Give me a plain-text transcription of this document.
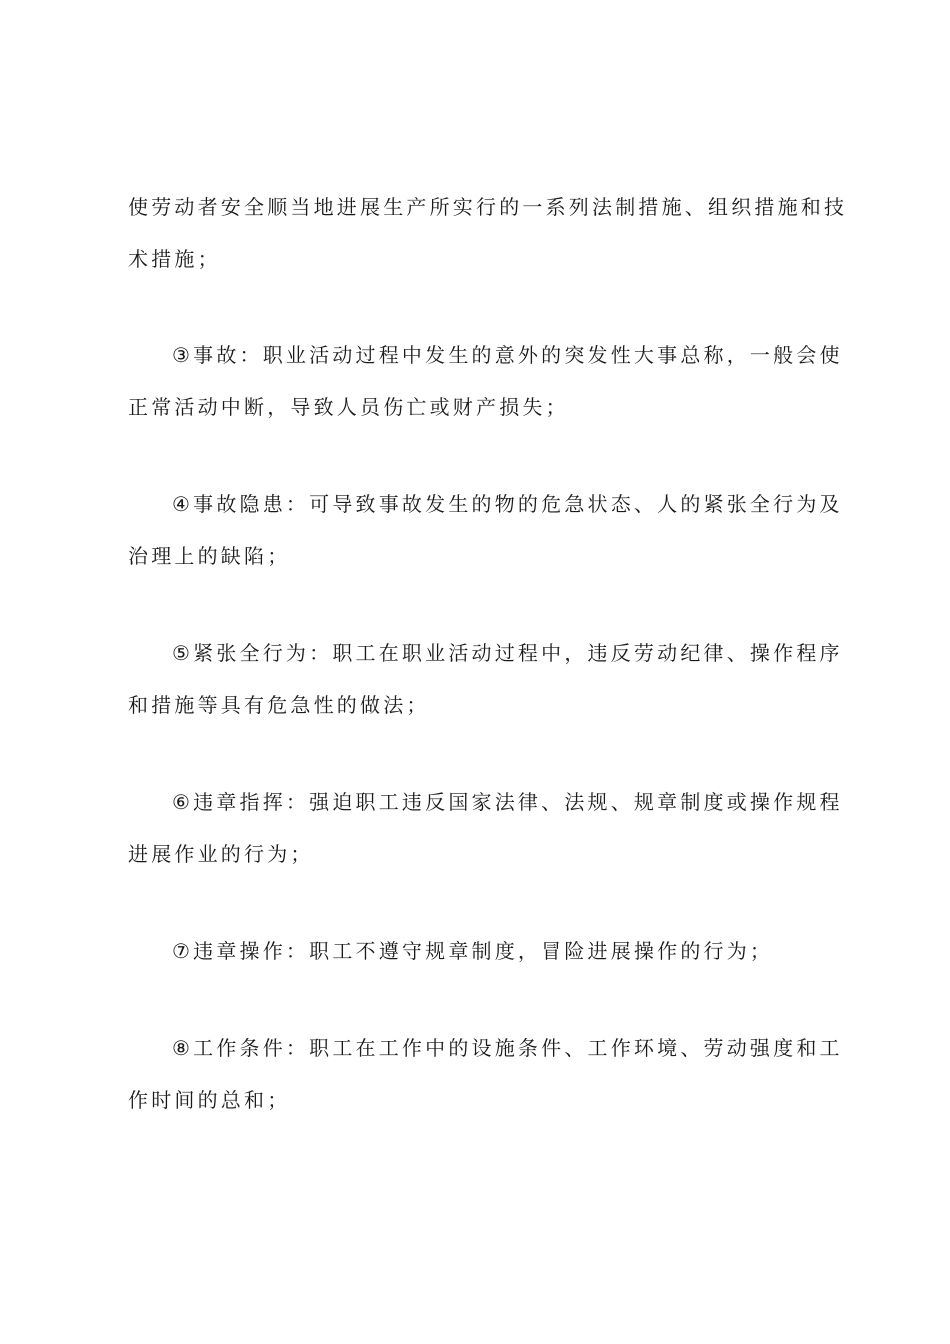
使劳动者安全顺当地进展生产所实行的一系列法制措施、组织措施和技
术措施；
③事故：职业活动过程中发生的意外的突发性大事总称，一般会使
正常活动中断，导致人员伤亡或财产损失；
④事故隐患：可导致事故发生的物的危急状态、人的紧张全行为及
治理上的缺陷；
⑤紧张全行为：职工在职业活动过程中，违反劳动纪律、操作程序
和措施等具有危急性的做法；
⑥违章指挥：强迫职工违反国家法律、法规、规章制度或操作规程
进展作业的行为；
⑦违章操作：职工不遵守规章制度，冒险进展操作的行为；
⑧工作条件：职工在工作中的设施条件、工作环境、劳动强度和工
作时间的总和；
